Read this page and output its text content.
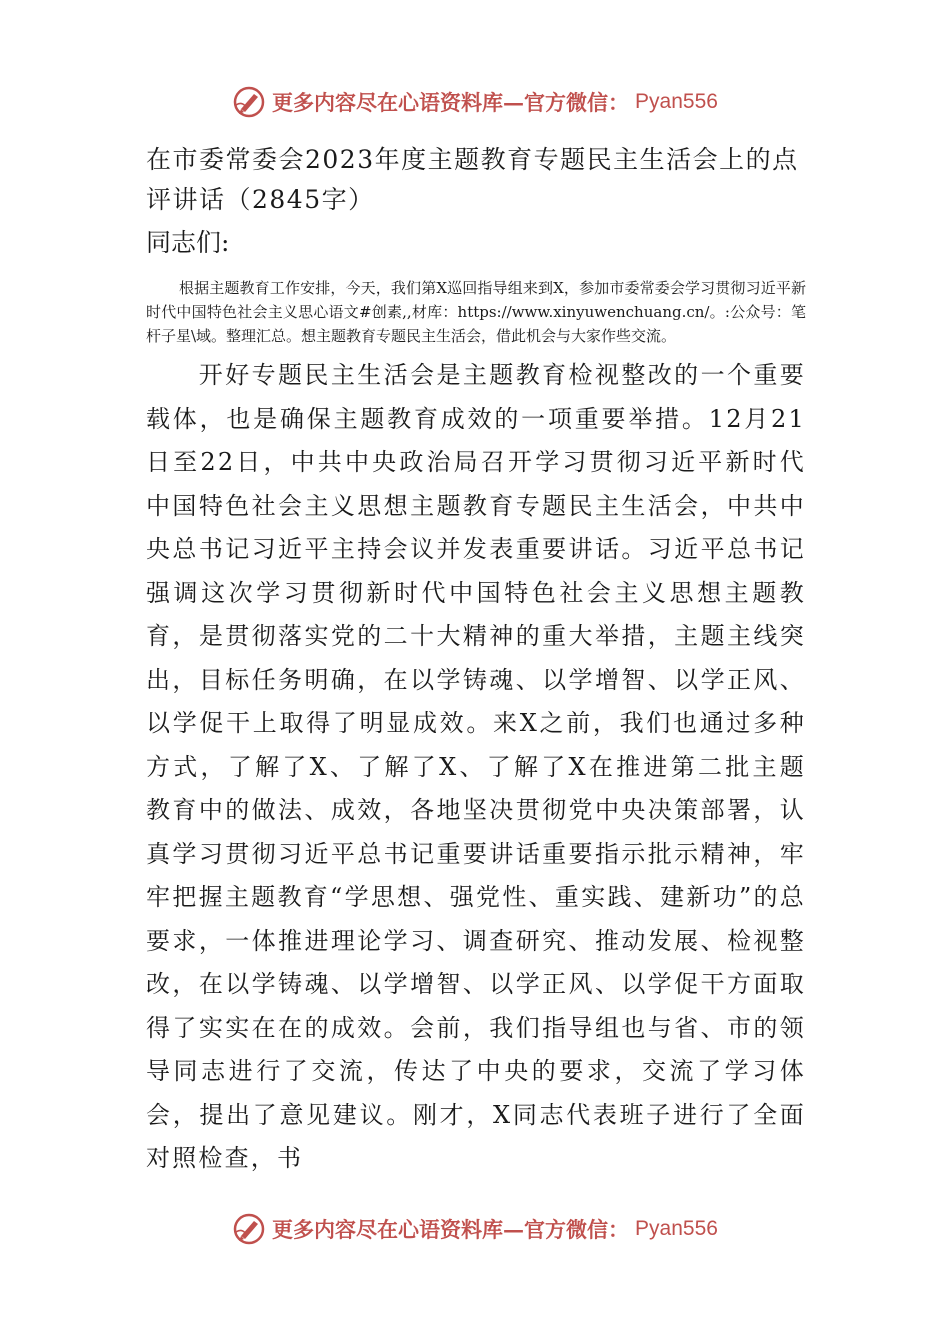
更多内容尽在心语资料库—官方微信： Pyan556
在市委常委会2023年度主题教育专题民主生活会上的点评讲话（2845字）
同志们:

根据主题教育工作安排，今天，我们第X巡回指导组来到X，参加市委常委会学习贯彻习近平新时代中国特色社会主义思心语文#创素,,材库：https://www.xinyuwenchuang.cn/。:公众号：笔杆子星\域。整理汇总。想主题教育专题民主生活会，借此机会与大家作些交流。

开好专题民主生活会是主题教育检视整改的一个重要载体，也是确保主题教育成效的一项重要举措。12月21日至22日，中共中央政治局召开学习贯彻习近平新时代中国特色社会主义思想主题教育专题民主生活会，中共中央总书记习近平主持会议并发表重要讲话。习近平总书记强调这次学习贯彻新时代中国特色社会主义思想主题教育，是贯彻落实党的二十大精神的重大举措，主题主线突出，目标任务明确，在以学铸魂、以学增智、以学正风、以学促干上取得了明显成效。来X之前，我们也通过多种方式，了解了X、了解了X、了解了X在推进第二批主题教育中的做法、成效，各地坚决贯彻党中央决策部署，认真学习贯彻习近平总书记重要讲话重要指示批示精神，牢牢把握主题教育“学思想、强党性、重实践、建新功”的总要求，一体推进理论学习、调查研究、推动发展、检视整改，在以学铸魂、以学增智、以学正风、以学促干方面取得了实实在在的成效。会前，我们指导组也与省、市的领导同志进行了交流，传达了中央的要求，交流了学习体会，提出了意见建议。刚才，X同志代表班子进行了全面对照检查，书

更多内容尽在心语资料库—官方微信： Pyan556
